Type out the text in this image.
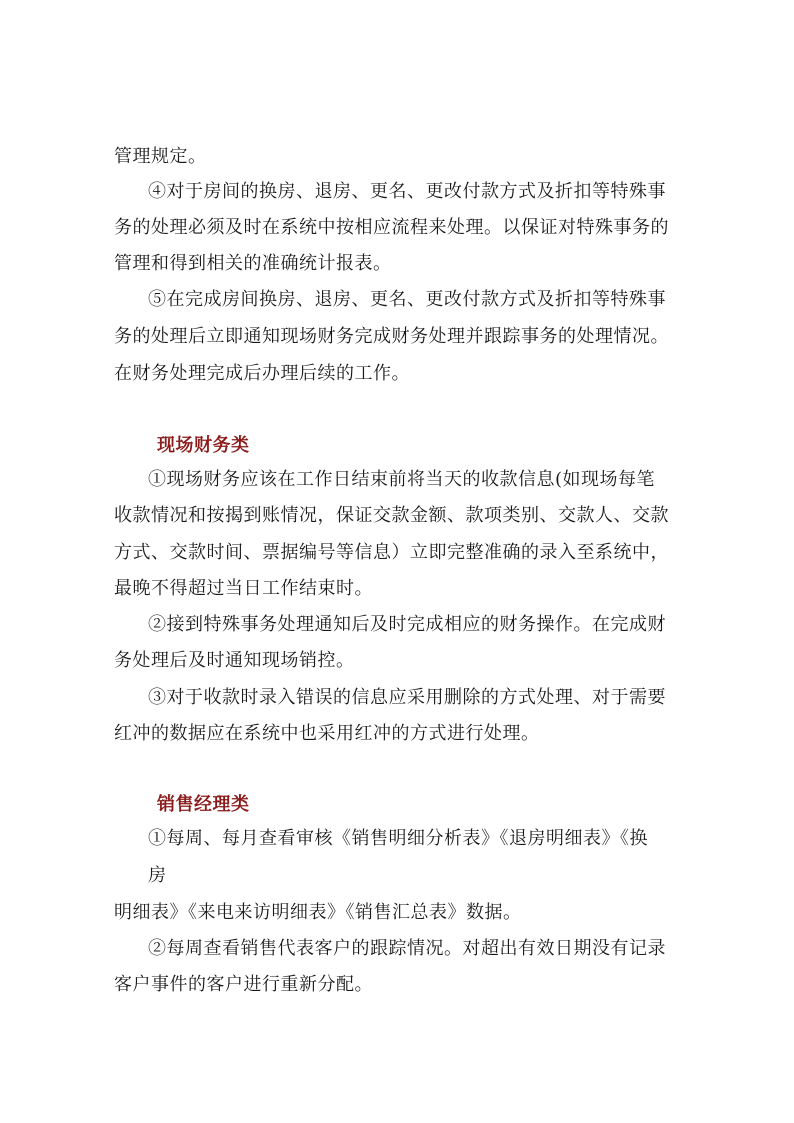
管理规定。
④对于房间的换房、退房、更名、更改付款方式及折扣等特殊事
务的处理必须及时在系统中按相应流程来处理。以保证对特殊事务的
管理和得到相关的准确统计报表。
⑤在完成房间换房、退房、更名、更改付款方式及折扣等特殊事
务的处理后立即通知现场财务完成财务处理并跟踪事务的处理情况。
在财务处理完成后办理后续的工作。
现场财务类
①现场财务应该在工作日结束前将当天的收款信息(如现场每笔
收款情况和按揭到账情况，保证交款金额、款项类别、交款人、交款
方式、交款时间、票据编号等信息）立即完整准确的录入至系统中，
最晚不得超过当日工作结束时。
②接到特殊事务处理通知后及时完成相应的财务操作。在完成财
务处理后及时通知现场销控。
③对于收款时录入错误的信息应采用删除的方式处理、对于需要
红冲的数据应在系统中也采用红冲的方式进行处理。
销售经理类
①每周、每月查看审核《销售明细分析表》《退房明细表》《换
房
明细表》《来电来访明细表》《销售汇总表》数据。
②每周查看销售代表客户的跟踪情况。对超出有效日期没有记录
客户事件的客户进行重新分配。
